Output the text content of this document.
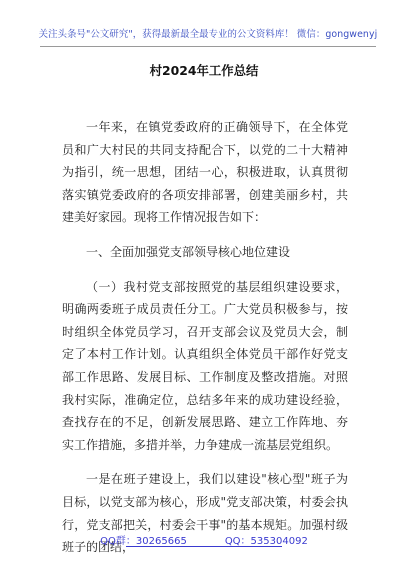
关注头条号"公文研究"，获得最新最全最专业的公文资料库！ 微信：gongwenyj
村2024年工作总结

一年来，在镇党委政府的正确领导下，在全体党员和广大村民的共同支持配合下，以党的二十大精神为指引，统一思想，团结一心，积极进取，认真贯彻落实镇党委政府的各项安排部署，创建美丽乡村，共建美好家园。现将工作情况报告如下：

一、全面加强党支部领导核心地位建设

（一）我村党支部按照党的基层组织建设要求，明确两委班子成员责任分工。广大党员积极参与，按时组织全体党员学习，召开支部会议及党员大会，制定了本村工作计划。认真组织全体党员干部作好党支部工作思路、发展目标、工作制度及整改措施。对照我村实际，准确定位，总结多年来的成功建设经验，查找存在的不足，创新发展思路、建立工作阵地、夯实工作措施，多措并举，力争建成一流基层党组织。

一是在班子建设上，我们以建设"核心型"班子为目标，以党支部为核心，形成"党支部决策，村委会执行，党支部把关，村委会干事"的基本规矩。加强村级班子的团结，

QQ群：30265665	QQ：535304092
